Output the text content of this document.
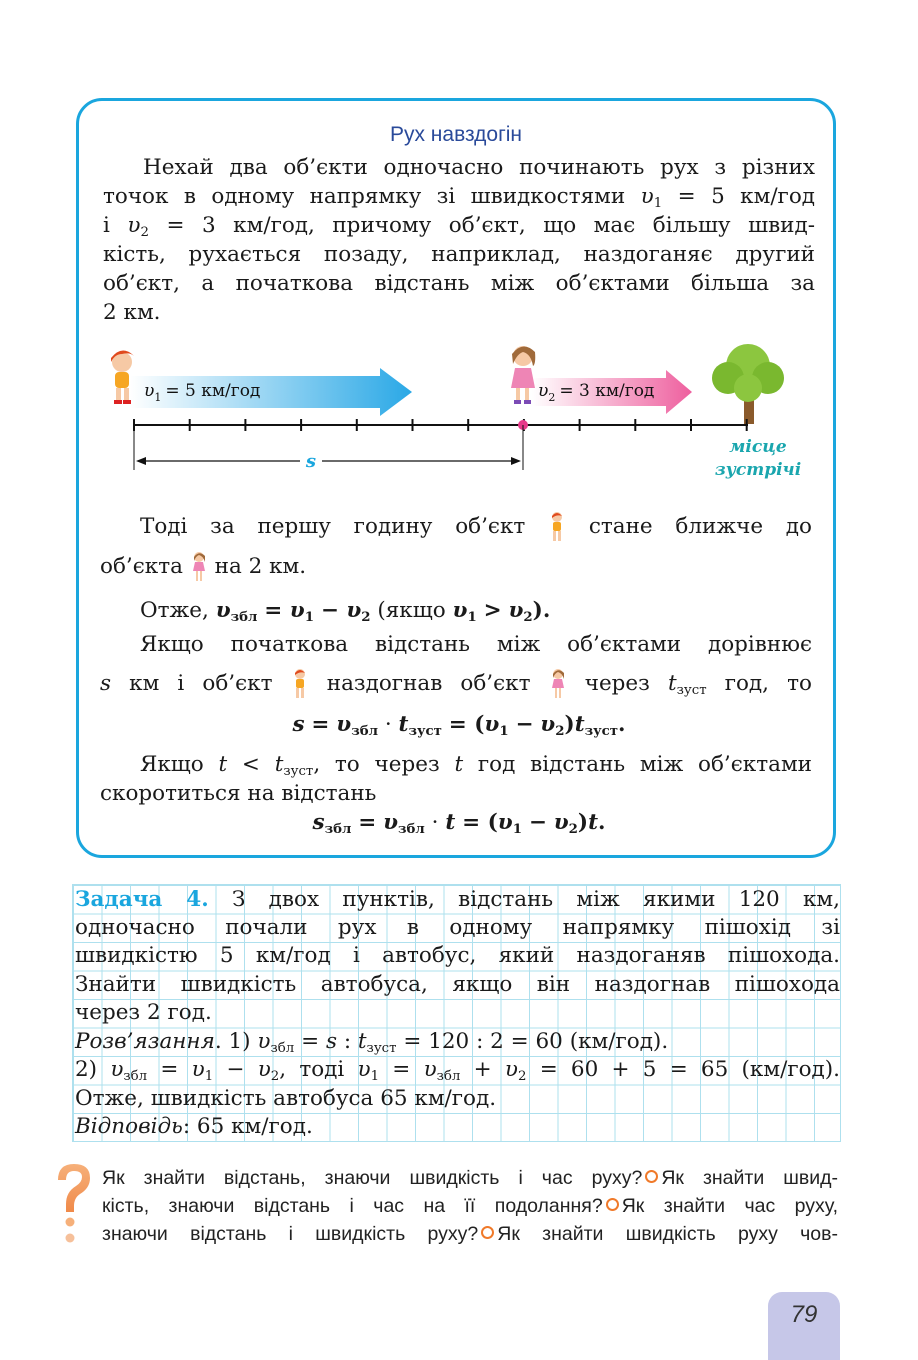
Рух навздогін
Нехай два об’єкти одночасно починають рух з різних
точок в одному напрямку зі швидкостями $\upsilon_1 = 5$ км/год
і $\upsilon_2 = 3$ км/год, причому об’єкт, що має більшу швид-
кість, рухається позаду, наприклад, наздоганяє другий
об’єкт, а початкова відстань між об’єктами більша за
2 км.
$\upsilon_1 = 5$ км/год	$\upsilon_2 = 3$ км/год
s
місце
зустрічі
Тоді за першу годину об’єкт	стане ближче до
об’єкта на 2 км.
Отже, $\upsilon_{збл} = \upsilon_1 - \upsilon_2$ (якщо $\upsilon_1 > \upsilon_2$).
Якщо початкова відстань між об’єктами дорівнює
s км і об’єкт	наздогнав об’єкт	через $t_{зуст}$ год, то
$s = \upsilon_{збл} \cdot t_{зуст} = (\upsilon_1 - \upsilon_2)t_{зуст}$.
Якщо $t < t_{зуст}$, то через t год відстань між об’єктами
скоротиться на відстань
$s_{збл} = \upsilon_{збл} \cdot t = (\upsilon_1 - \upsilon_2)t$.
Задача 4. З двох пунктів, відстань між якими 120 км,
одночасно почали рух в одному напрямку пішохід зі
швидкістю 5 км/год і автобус, який наздоганяв пішохода.
Знайти швидкість автобуса, якщо він наздогнав пішохода
через 2 год.
Розв’язання. 1) $\upsilon_{збл} = s$ : $t_{зуст} = 120$ : 2 = 60 (км/год).
2) $\upsilon_{збл} = \upsilon_1 - \upsilon_2$, тоді $\upsilon_1 = \upsilon_{збл} + \upsilon_2 = 60 + 5 = 65$ (км/год).
Отже, швидкість автобуса 65 км/год.
Відповідь: 65 км/год.
Як знайти відстань, знаючи швидкість і час руху? Як знайти швид-
кість, знаючи відстань і час на її подолання? Як знайти час руху,
знаючи відстань і швидкість руху? Як знайти швидкість руху чов-
79
